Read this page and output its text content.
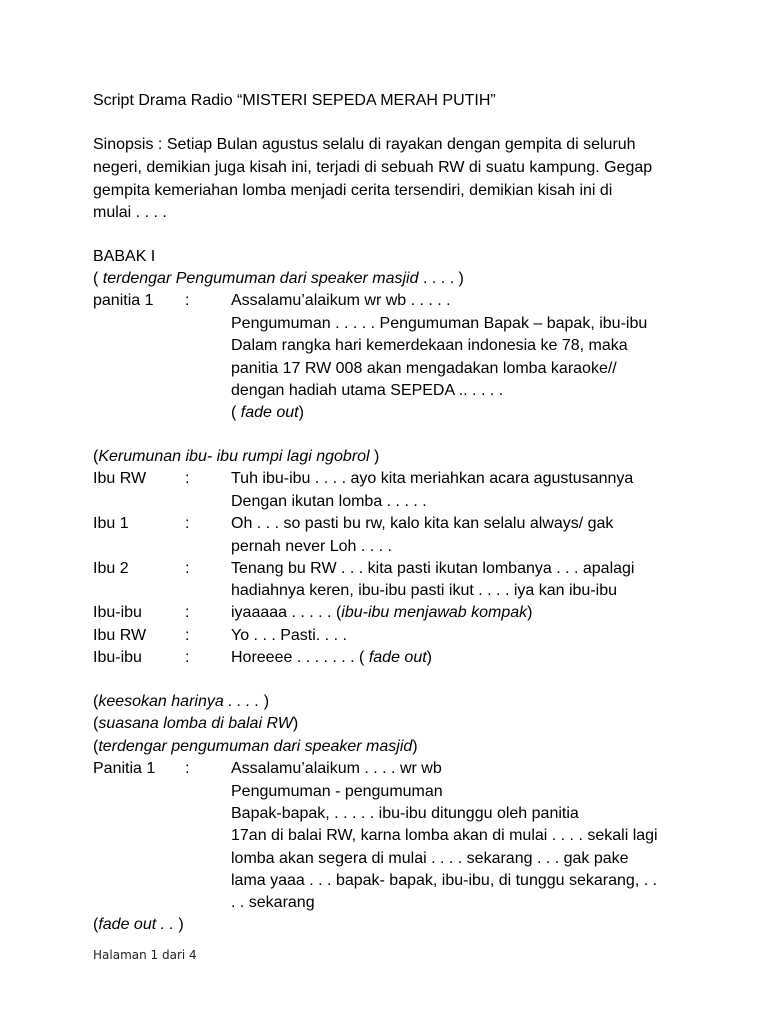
Script Drama Radio “MISTERI SEPEDA MERAH PUTIH”
Sinopsis : Setiap Bulan agustus selalu di rayakan dengan gempita di seluruh
negeri, demikian juga kisah ini, terjadi di sebuah RW di suatu kampung. Gegap
gempita kemeriahan lomba menjadi cerita tersendiri, demikian kisah ini di
mulai . . . .
BABAK I
( terdengar Pengumuman dari speaker masjid . . . . )
panitia 1 :	Assalamu’alaikum wr wb . . . . .
Pengumuman . . . . . Pengumuman Bapak – bapak, ibu-ibu
Dalam rangka hari kemerdekaan indonesia ke 78, maka
panitia 17 RW 008 akan mengadakan lomba karaoke//
dengan hadiah utama SEPEDA .. . . . .
( fade out)
(Kerumunan ibu- ibu rumpi lagi ngobrol )
Ibu RW :	Tuh ibu-ibu . . . . ayo kita meriahkan acara agustusannya
Dengan ikutan lomba . . . . .
Ibu 1	:	Oh . . . so pasti bu rw, kalo kita kan selalu always/ gak
pernah never Loh . . . .
Ibu 2	:	Tenang bu RW . . . kita pasti ikutan lombanya . . . apalagi
hadiahnya keren, ibu-ibu pasti ikut . . . . iya kan ibu-ibu
Ibu-ibu	:	iyaaaaa . . . . . (ibu-ibu menjawab kompak)
Ibu RW :	Yo . . . Pasti. . . .
Ibu-ibu	:	Horeeee . . . . . . . ( fade out)
(keesokan harinya . . . . )
(suasana lomba di balai RW)
(terdengar pengumuman dari speaker masjid)
Panitia 1 :	Assalamu’alaikum . . . . wr wb
Pengumuman - pengumuman
Bapak-bapak, . . . . . ibu-ibu ditunggu oleh panitia
17an di balai RW, karna lomba akan di mulai . . . . sekali lagi
lomba akan segera di mulai . . . . sekarang . . . gak pake
lama yaaa . . . bapak- bapak, ibu-ibu, di tunggu sekarang, . .
. . sekarang
(fade out . . )
Halaman 1 dari 4
